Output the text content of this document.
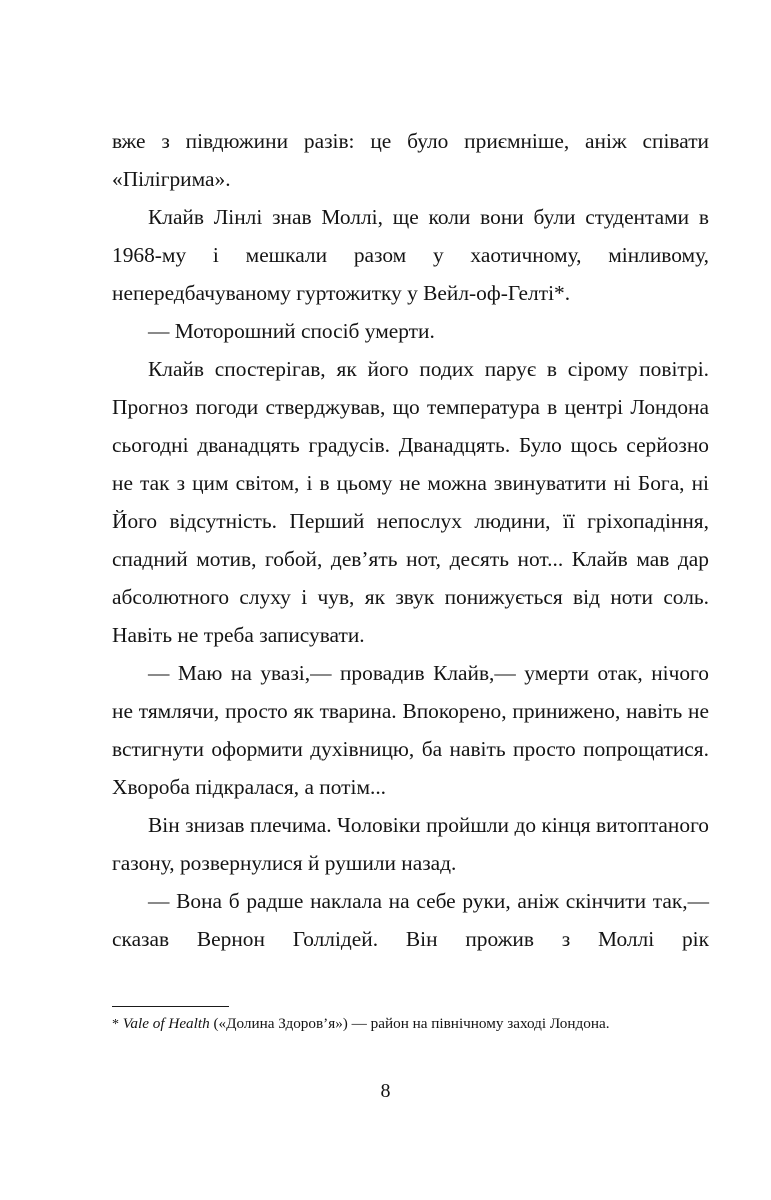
вже з півдюжини разів: це було приємніше, аніж співати «Пілігрима».

Клайв Лінлі знав Моллі, ще коли вони були студентами в 1968-му і мешкали разом у хаотичному, мінливому, непередбачуваному гуртожитку у Вейл-оф-Гелті*.

— Моторошний спосіб умерти.

Клайв спостерігав, як його подих парує в сірому повітрі. Прогноз погоди стверджував, що температура в центрі Лондона сьогодні дванадцять градусів. Дванадцять. Було щось серйозно не так з цим світом, і в цьому не можна звинуватити ні Бога, ні Його відсутність. Перший непослух людини, її гріхопадіння, спадний мотив, гобой, дев’ять нот, десять нот... Клайв мав дар абсолютного слуху і чув, як звук понижується від ноти соль. Навіть не треба записувати.

— Маю на увазі,— провадив Клайв,— умерти отак, нічого не тямлячи, просто як тварина. Впокорено, принижено, навіть не встигнути оформити духівницю, ба навіть просто попрощатися. Хвороба підкралася, а потім...

Він знизав плечима. Чоловіки пройшли до кінця витоптаного газону, розвернулися й рушили назад.

— Вона б радше наклала на себе руки, аніж скінчити так,— сказав Вернон Голлідей. Він прожив з Моллі рік

* Vale of Health («Долина Здоров’я») — район на північному заході Лондона.

8
